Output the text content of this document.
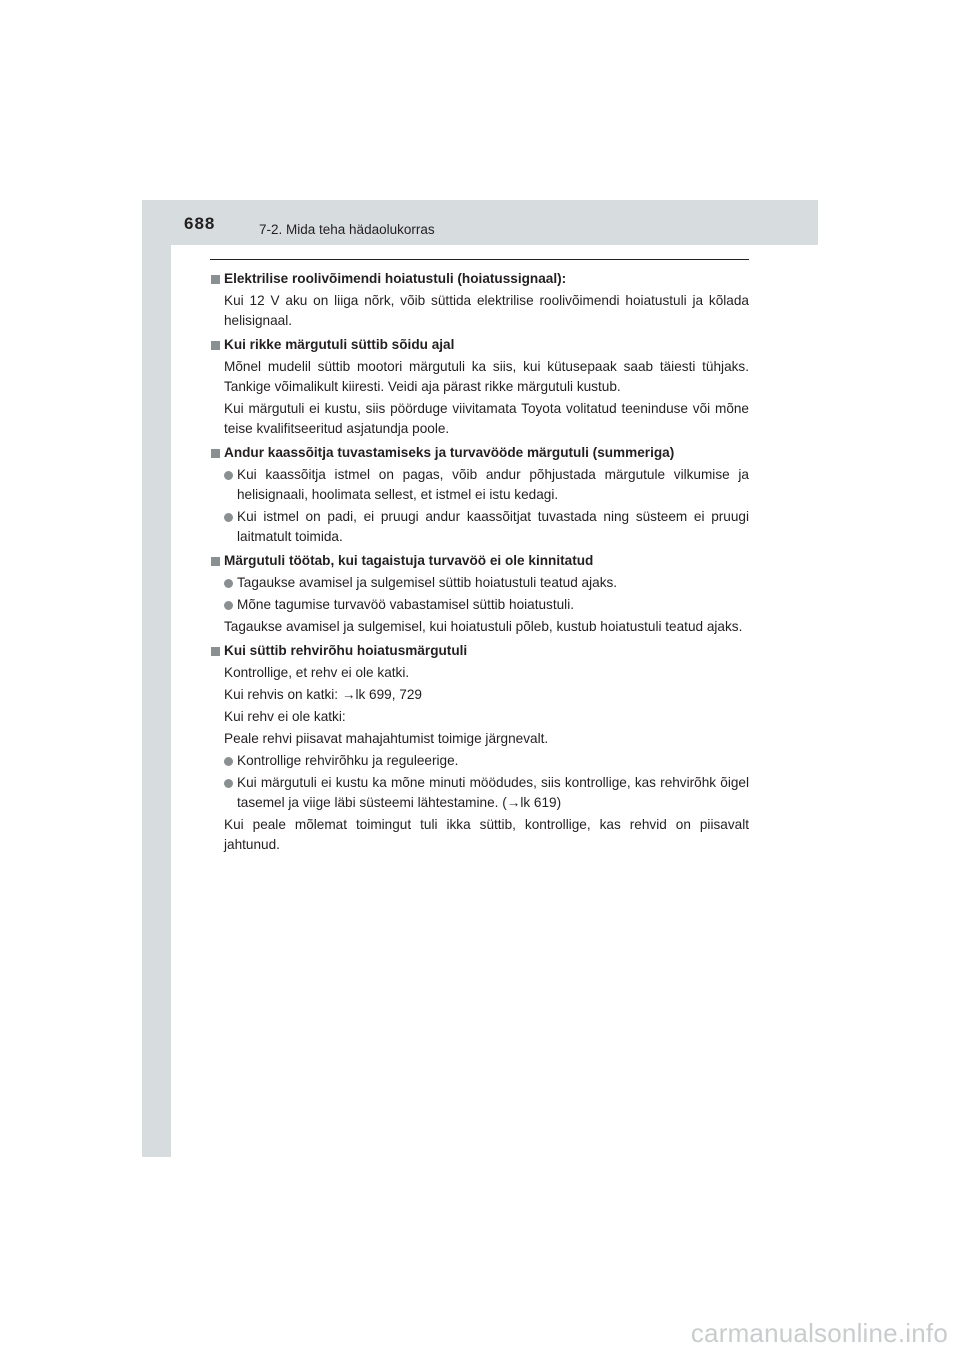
688	7-2. Mida teha hädaolukorras
Elektrilise roolivõimendi hoiatustuli (hoiatussignaal):
Kui 12 V aku on liiga nõrk, võib süttida elektrilise roolivõimendi hoiatustuli ja kõlada helisignaal.
Kui rikke märgutuli süttib sõidu ajal
Mõnel mudelil süttib mootori märgutuli ka siis, kui kütusepaak saab täiesti tühjaks. Tankige võimalikult kiiresti. Veidi aja pärast rikke märgutuli kustub.
Kui märgutuli ei kustu, siis pöörduge viivitamata Toyota volitatud teeninduse või mõne teise kvalifitseeritud asjatundja poole.
Andur kaassõitja tuvastamiseks ja turvavööde märgutuli (summeriga)
Kui kaassõitja istmel on pagas, võib andur põhjustada märgutule vilkumise ja helisignaali, hoolimata sellest, et istmel ei istu kedagi.
Kui istmel on padi, ei pruugi andur kaassõitjat tuvastada ning süsteem ei pruugi laitmatult toimida.
Märgutuli töötab, kui tagaistuja turvavöö ei ole kinnitatud
Tagaukse avamisel ja sulgemisel süttib hoiatustuli teatud ajaks.
Mõne tagumise turvavöö vabastamisel süttib hoiatustuli.
Tagaukse avamisel ja sulgemisel, kui hoiatustuli põleb, kustub hoiatustuli teatud ajaks.
Kui süttib rehvirõhu hoiatusmärgutuli
Kontrollige, et rehv ei ole katki.
Kui rehvis on katki: →lk 699, 729
Kui rehv ei ole katki:
Peale rehvi piisavat mahajahtumist toimige järgnevalt.
Kontrollige rehvirõhku ja reguleerige.
Kui märgutuli ei kustu ka mõne minuti möödudes, siis kontrollige, kas rehvirõhk õigel tasemel ja viige läbi süsteemi lähtestamine. (→lk 619)
Kui peale mõlemat toimingut tuli ikka süttib, kontrollige, kas rehvid on piisavalt jahtunud.
carmanualsonline.info
